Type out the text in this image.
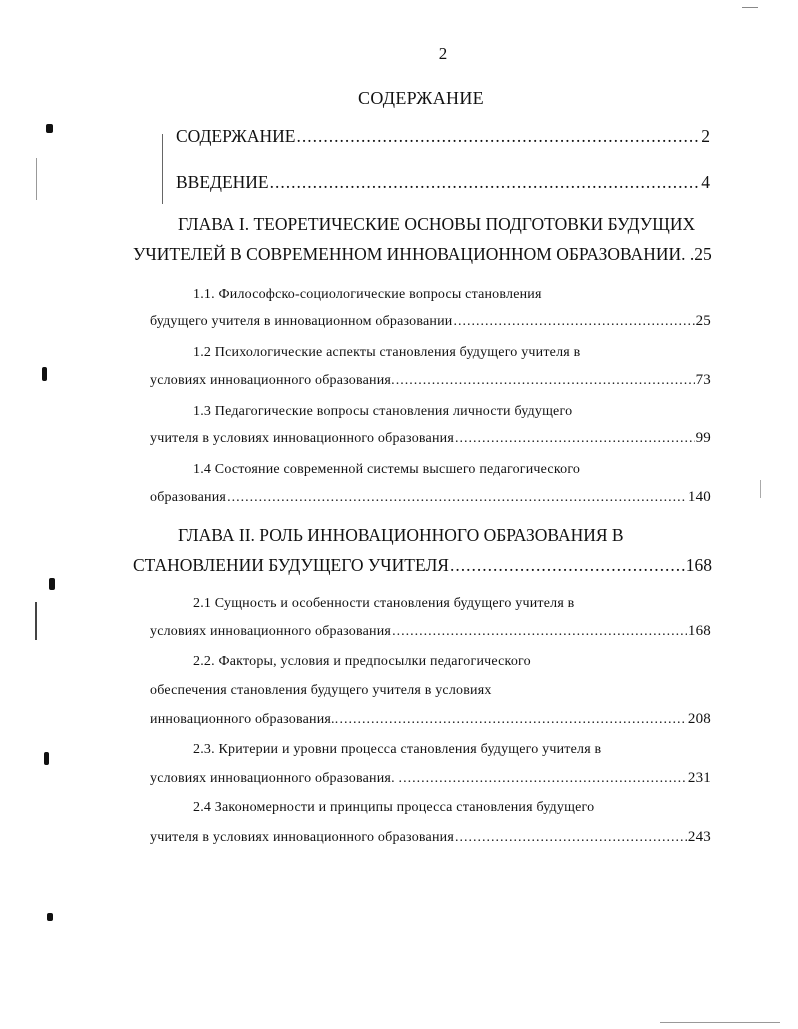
2
СОДЕРЖАНИЕ
СОДЕРЖАНИЕ .....	2
ВВЕДЕНИЕ .....	4
ГЛАВА I. ТЕОРЕТИЧЕСКИЕ ОСНОВЫ ПОДГОТОВКИ БУДУЩИХ
УЧИТЕЛЕЙ В СОВРЕМЕННОМ ИННОВАЦИОННОМ ОБРАЗОВАНИИ. .25
1.1. Философско-социологические вопросы становления
будущего учителя в инновационном образовании .....	25
1.2 Психологические аспекты становления будущего учителя в
условиях инновационного образования. .....	73
1.3 Педагогические вопросы становления личности будущего
учителя в условиях инновационного образования .....	99
1.4 Состояние современной системы высшего педагогического
образования .....	140
ГЛАВА II. РОЛЬ ИННОВАЦИОННОГО ОБРАЗОВАНИЯ В
СТАНОВЛЕНИИ БУДУЩЕГО УЧИТЕЛЯ .....	168
2.1 Сущность и особенности становления будущего учителя в
условиях инновационного образования .....	168
2.2. Факторы, условия и предпосылки педагогического
обеспечения становления будущего учителя в условиях
инновационного образования.. .....	208
2.3. Критерии и уровни процесса становления будущего учителя в
условиях инновационного образования. . .....	231
2.4 Закономерности и принципы процесса становления будущего
учителя в условиях инновационного образования .....	243
